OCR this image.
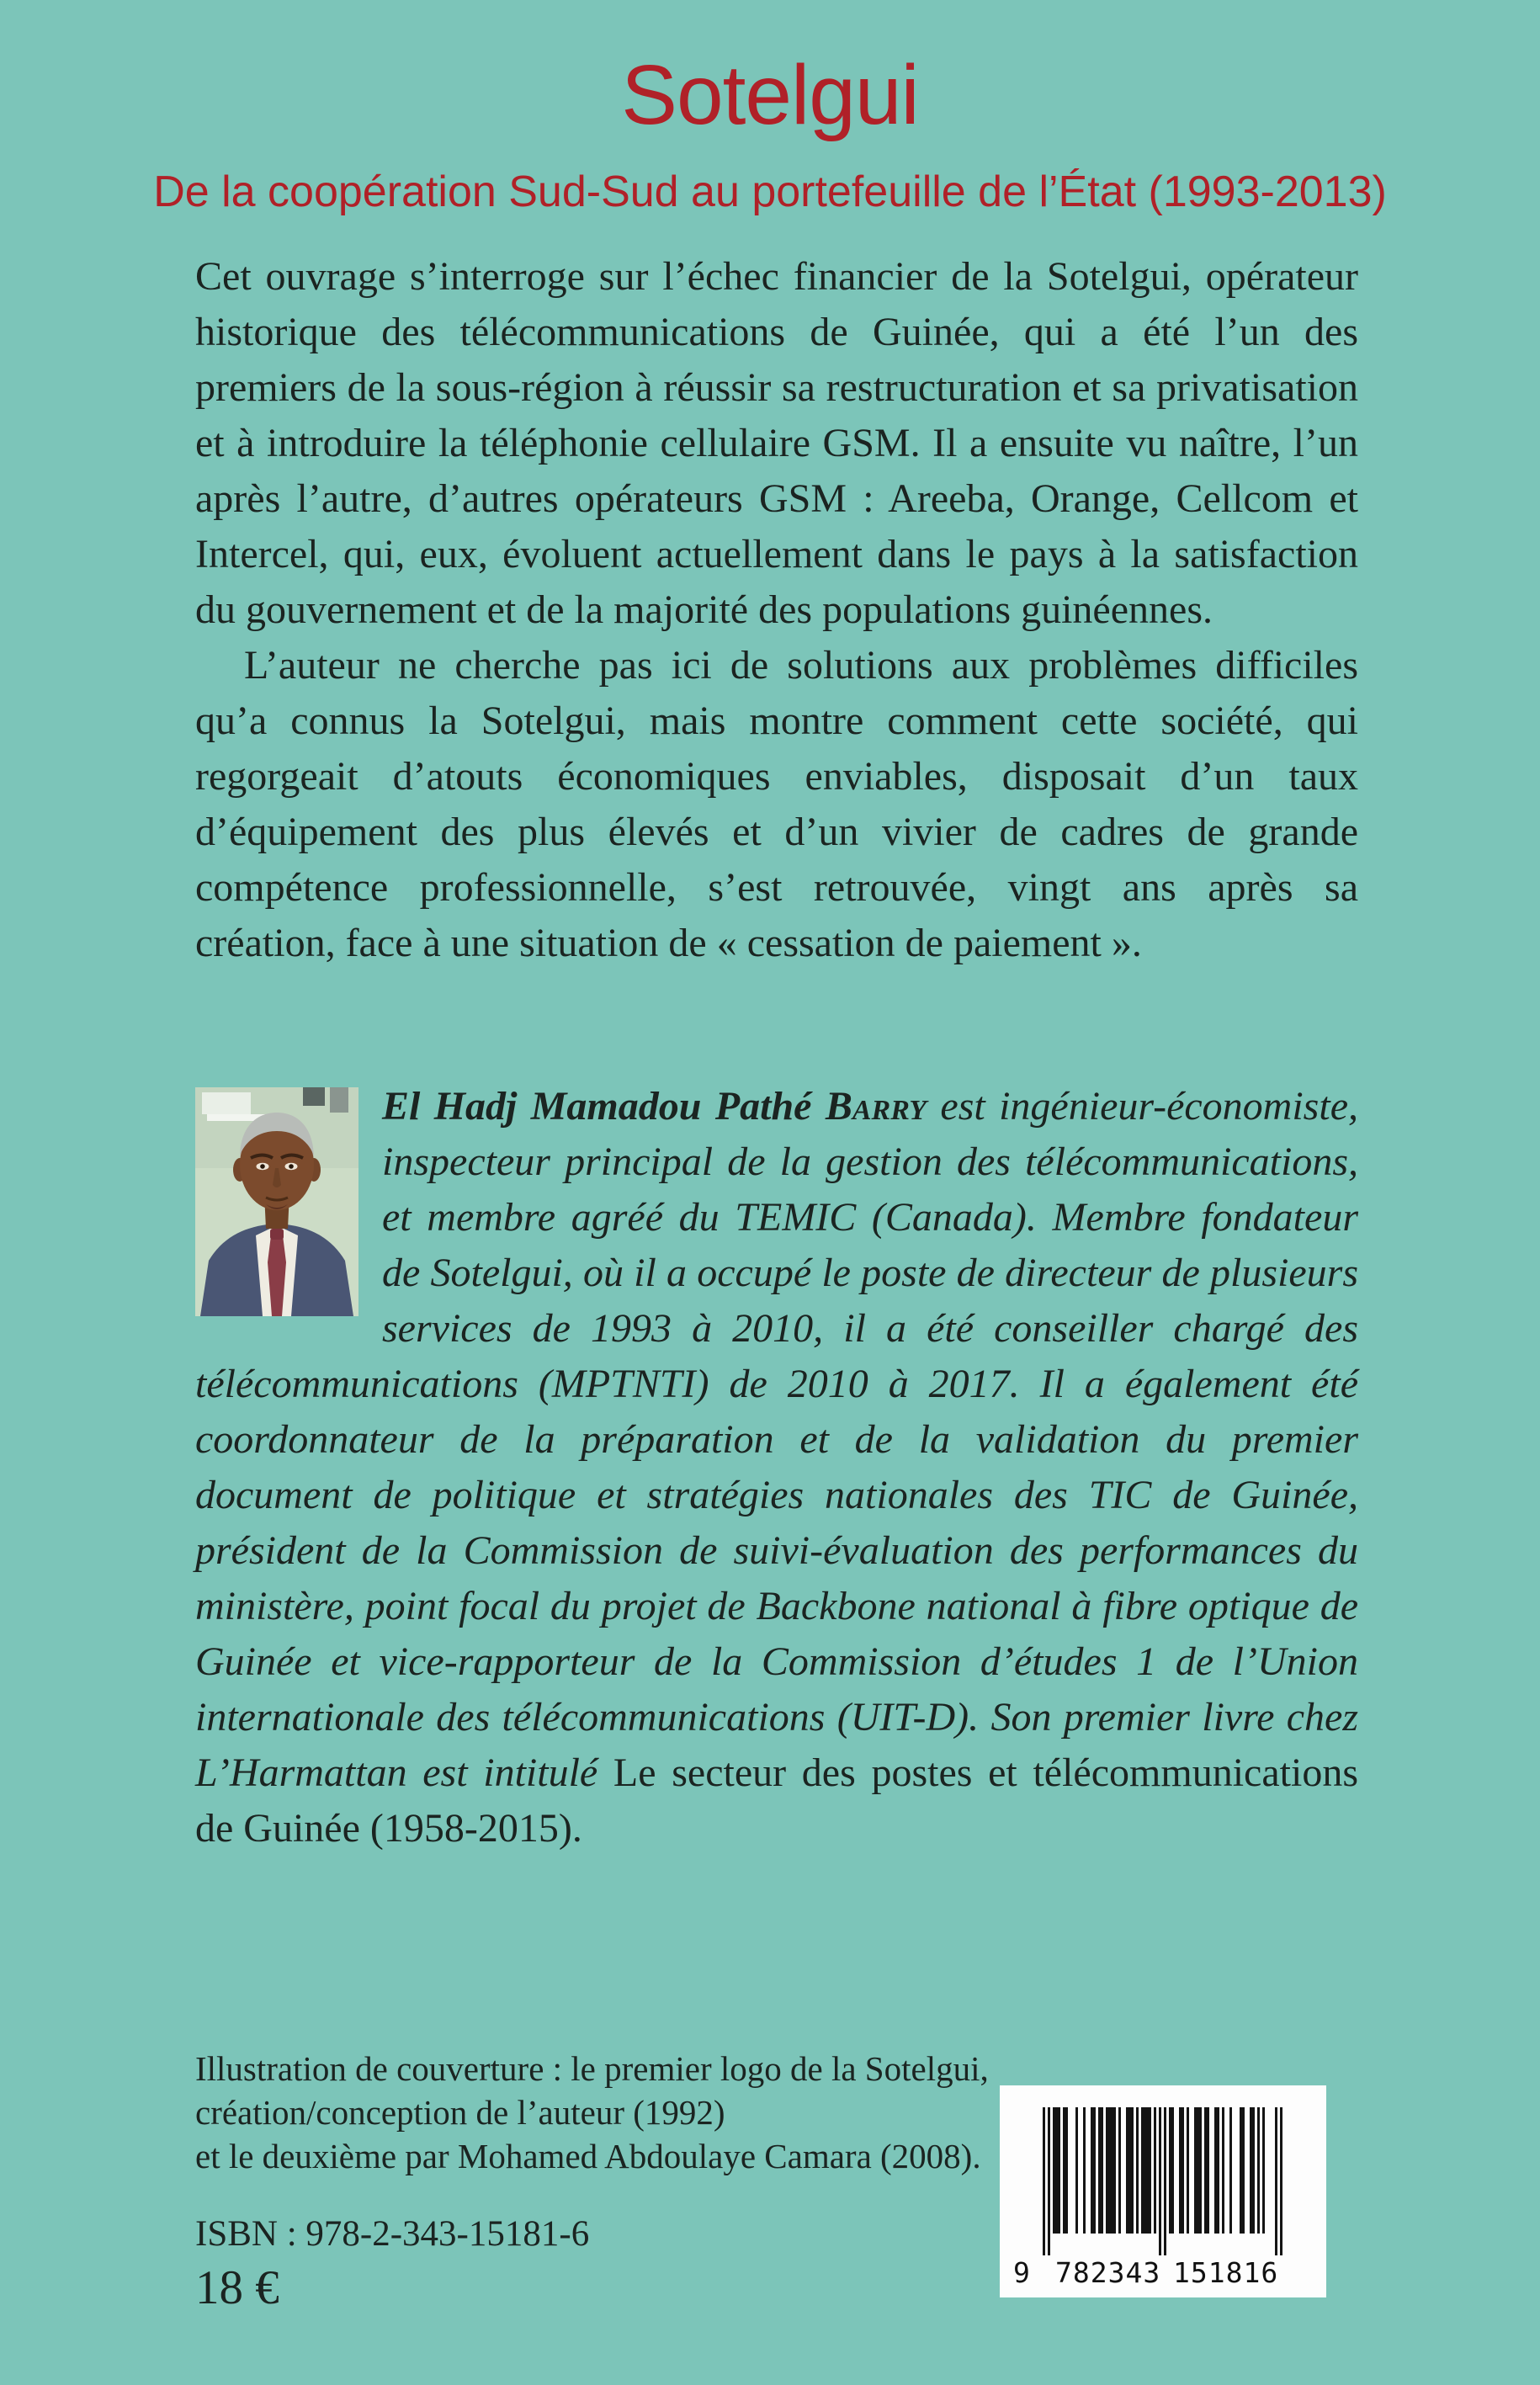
Sotelgui
De la coopération Sud-Sud au portefeuille de l’État (1993-2013)

Cet ouvrage s’interroge sur l’échec financier de la Sotelgui, opérateur historique des télécommunications de Guinée, qui a été l’un des premiers de la sous-région à réussir sa restructuration et sa privatisation et à introduire la téléphonie cellulaire GSM. Il a ensuite vu naître, l’un après l’autre, d’autres opérateurs GSM : Areeba, Orange, Cellcom et Intercel, qui, eux, évoluent actuellement dans le pays à la satisfaction du gouvernement et de la majorité des populations guinéennes.

L’auteur ne cherche pas ici de solutions aux problèmes difficiles qu’a connus la Sotelgui, mais montre comment cette société, qui regorgeait d’atouts économiques enviables, disposait d’un taux d’équipement des plus élevés et d’un vivier de cadres de grande compétence professionnelle, s’est retrouvée, vingt ans après sa création, face à une situation de « cessation de paiement ».

El Hadj Mamadou Pathé Barry est ingénieur-économiste, inspecteur principal de la gestion des télécommunications, et membre agréé du TEMIC (Canada). Membre fondateur de Sotelgui, où il a occupé le poste de directeur de plusieurs services de 1993 à 2010, il a été conseiller chargé des télécommunications (MPTNTI) de 2010 à 2017. Il a également été coordonnateur de la préparation et de la validation du premier document de politique et stratégies nationales des TIC de Guinée, président de la Commission de suivi-évaluation des performances du ministère, point focal du projet de Backbone national à fibre optique de Guinée et vice-rapporteur de la Commission d’études 1 de l’Union internationale des télécommunications (UIT-D). Son premier livre chez L’Harmattan est intitulé Le secteur des postes et télécommunications de Guinée (1958-2015).
Illustration de couverture : le premier logo de la Sotelgui,
création/conception de l’auteur (1992)
et le deuxième par Mohamed Abdoulaye Camara (2008).
ISBN : 978-2-343-15181-6
18 €	9 782343 151816
